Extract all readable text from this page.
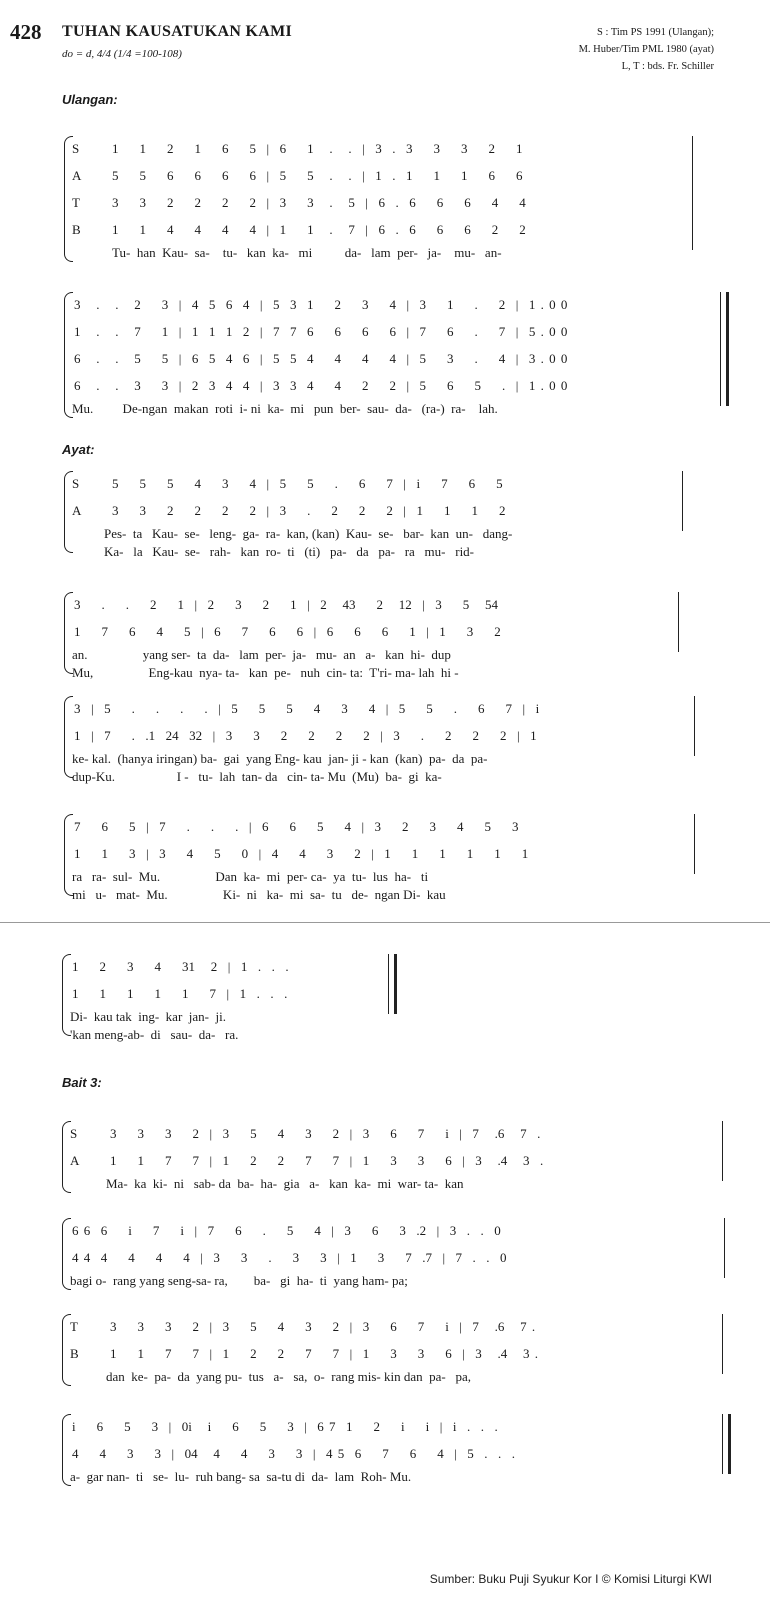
428 TUHAN KAUSATUKAN KAMI
do = d, 4/4 (1/4 =100-108)
S : Tim PS 1991 (Ulangan);
M. Huber/Tim PML 1980 (ayat)
L, T : bds. Fr. Schiller
Ulangan:
Ayat:
Bait 3:
S	1    1    2    1    6    5  |  6    1   .   .  |  3  .  3    3    3    2    1
A 5    5    6    6    6    6  |  5    5   .   .  |  1  .  1    1    1    6    6
T 3    3    2    2    2    2  |  3    3   .   5  |  6  .  6    6    6    4    4
B 1    1    4    4    4    4  |  1    1   .   7  |  6  .  6    6    6    2    2
Tu-  han  Kau-  sa-    tu-   kan  ka-   mi          da-   lam  per-   ja-    mu-   an-
3   .   .   2    3  |  4  5  6  4  |  5  3  1    2    3    4  |  3    1    .    2  |  1 . 0 0
1   .   .   7    1  |  1  1  1  2  |  7  7  6    6    6    6  |  7    6    .    7  |  5 . 0 0
6   .   .   5    5  |  6  5  4  6  |  5  5  4    4    4    4  |  5    3    .    4  |  3 . 0 0
6   .   .   3    3  |  2  3  4  4  |  3  3  4    4    2    2  |  5    6    5    .  |  1 . 0 0
Mu.         De-ngan  makan  roti  i- ni  ka-  mi   pun  ber-  sau-  da-   (ra-)  ra-    lah.
S	5    5    5    4    3    4  |  5    5    .    6    7  |  i    7    6    5
A 3    3    2    2    2    2  |  3    .    2    2    2  |  1    1    1    2
Pes-  ta   Kau-  se-   leng-  ga-  ra-  kan, (kan)  Kau-  se-   bar-  kan  un-   dang-
Ka-   la   Kau-  se-   rah-   kan  ro-  ti   (ti)   pa-   da   pa-   ra   mu-   rid-
3    .    .    2    1  |  2    3    2    1  |  2   43    2   12  |  3    5   54
1    7    6    4    5  |  6    7    6    6  |  6    6    6    1  |  1    3    2
an.                 yang ser-  ta  da-   lam  per-  ja-   mu-  an   a-   kan  hi-  dup
Mu,                 Eng-kau  nya- ta-   kan  pe-   nuh  cin- ta:  T'ri- ma- lah  hi -
3  |  5    .    .    .    .  |  5    5    5    4    3    4  |  5    5    .    6    7  |  i
1  |  7    .  .1  24  32  |  3    3    2    2    2    2  |  3    .    2    2    2  |  1
ke- kal.  (hanya iringan) ba-  gai  yang Eng- kau  jan- ji - kan  (kan)  pa-  da  pa-
dup-Ku.                   I -   tu-  lah  tan- da   cin- ta- Mu  (Mu)  ba-  gi  ka-
7    6    5  |  7    .    .    .  |  6    6    5    4  |  3    2    3    4    5    3
1    1    3  |  3    4    5    0  |  4    4    3    2  |  1    1    1    1    1    1
ra   ra-  sul-  Mu.                 Dan  ka-  mi  per- ca-  ya  tu-  lus  ha-   ti
mi   u-   mat-  Mu.                 Ki-  ni   ka-  mi  sa-  tu   de-  ngan Di-  kau
1    2    3    4    31   2  |  1  .  .  .
1    1    1    1    1    7  |  1  .  .  .
Di-  kau tak  ing-  kar  jan-  ji.
'kan meng-ab-  di   sau-  da-   ra.
S	3    3    3    2  |  3    5    4    3    2  |  3    6    7    i  |  7   .6   7  .
A 1    1    7    7  |  1    2    2    7    7  |  1    3    3    6  |  3   .4   3  .
Ma-  ka  ki-  ni   sab- da  ba-  ha-  gia   a-   kan  ka-  mi  war- ta-  kan
6 6  6    i    7    i  |  7    6    .    5    4  |  3    6    3  .2  |  3  .  .  0
4 4  4    4    4    4  |  3    3    .    3    3  |  1    3    7  .7  |  7  .  .  0
bagi o-  rang yang seng-sa- ra,        ba-   gi  ha-  ti  yang ham- pa;
T 3    3    3    2  |  3    5    4    3    2  |  3    6    7    i  |  7   .6   7 .
B 1    1    7    7  |  1    2    2    7    7  |  1    3    3    6  |  3   .4   3 .
dan  ke-  pa-  da  yang pu-  tus   a-   sa,  o-  rang mis- kin dan  pa-   pa,
i    6    5    3  |  0i   i    6    5    3  |  6 7  1    2    i    i  |  i  .  .  .
4    4    3    3  |  04   4    4    3    3  |  4 5  6    7    6    4  |  5  .  .  .
a-  gar nan-  ti   se-  lu-  ruh bang- sa  sa-tu di  da-  lam  Roh- Mu.
Sumber: Buku Puji Syukur Kor I © Komisi Liturgi KWI
